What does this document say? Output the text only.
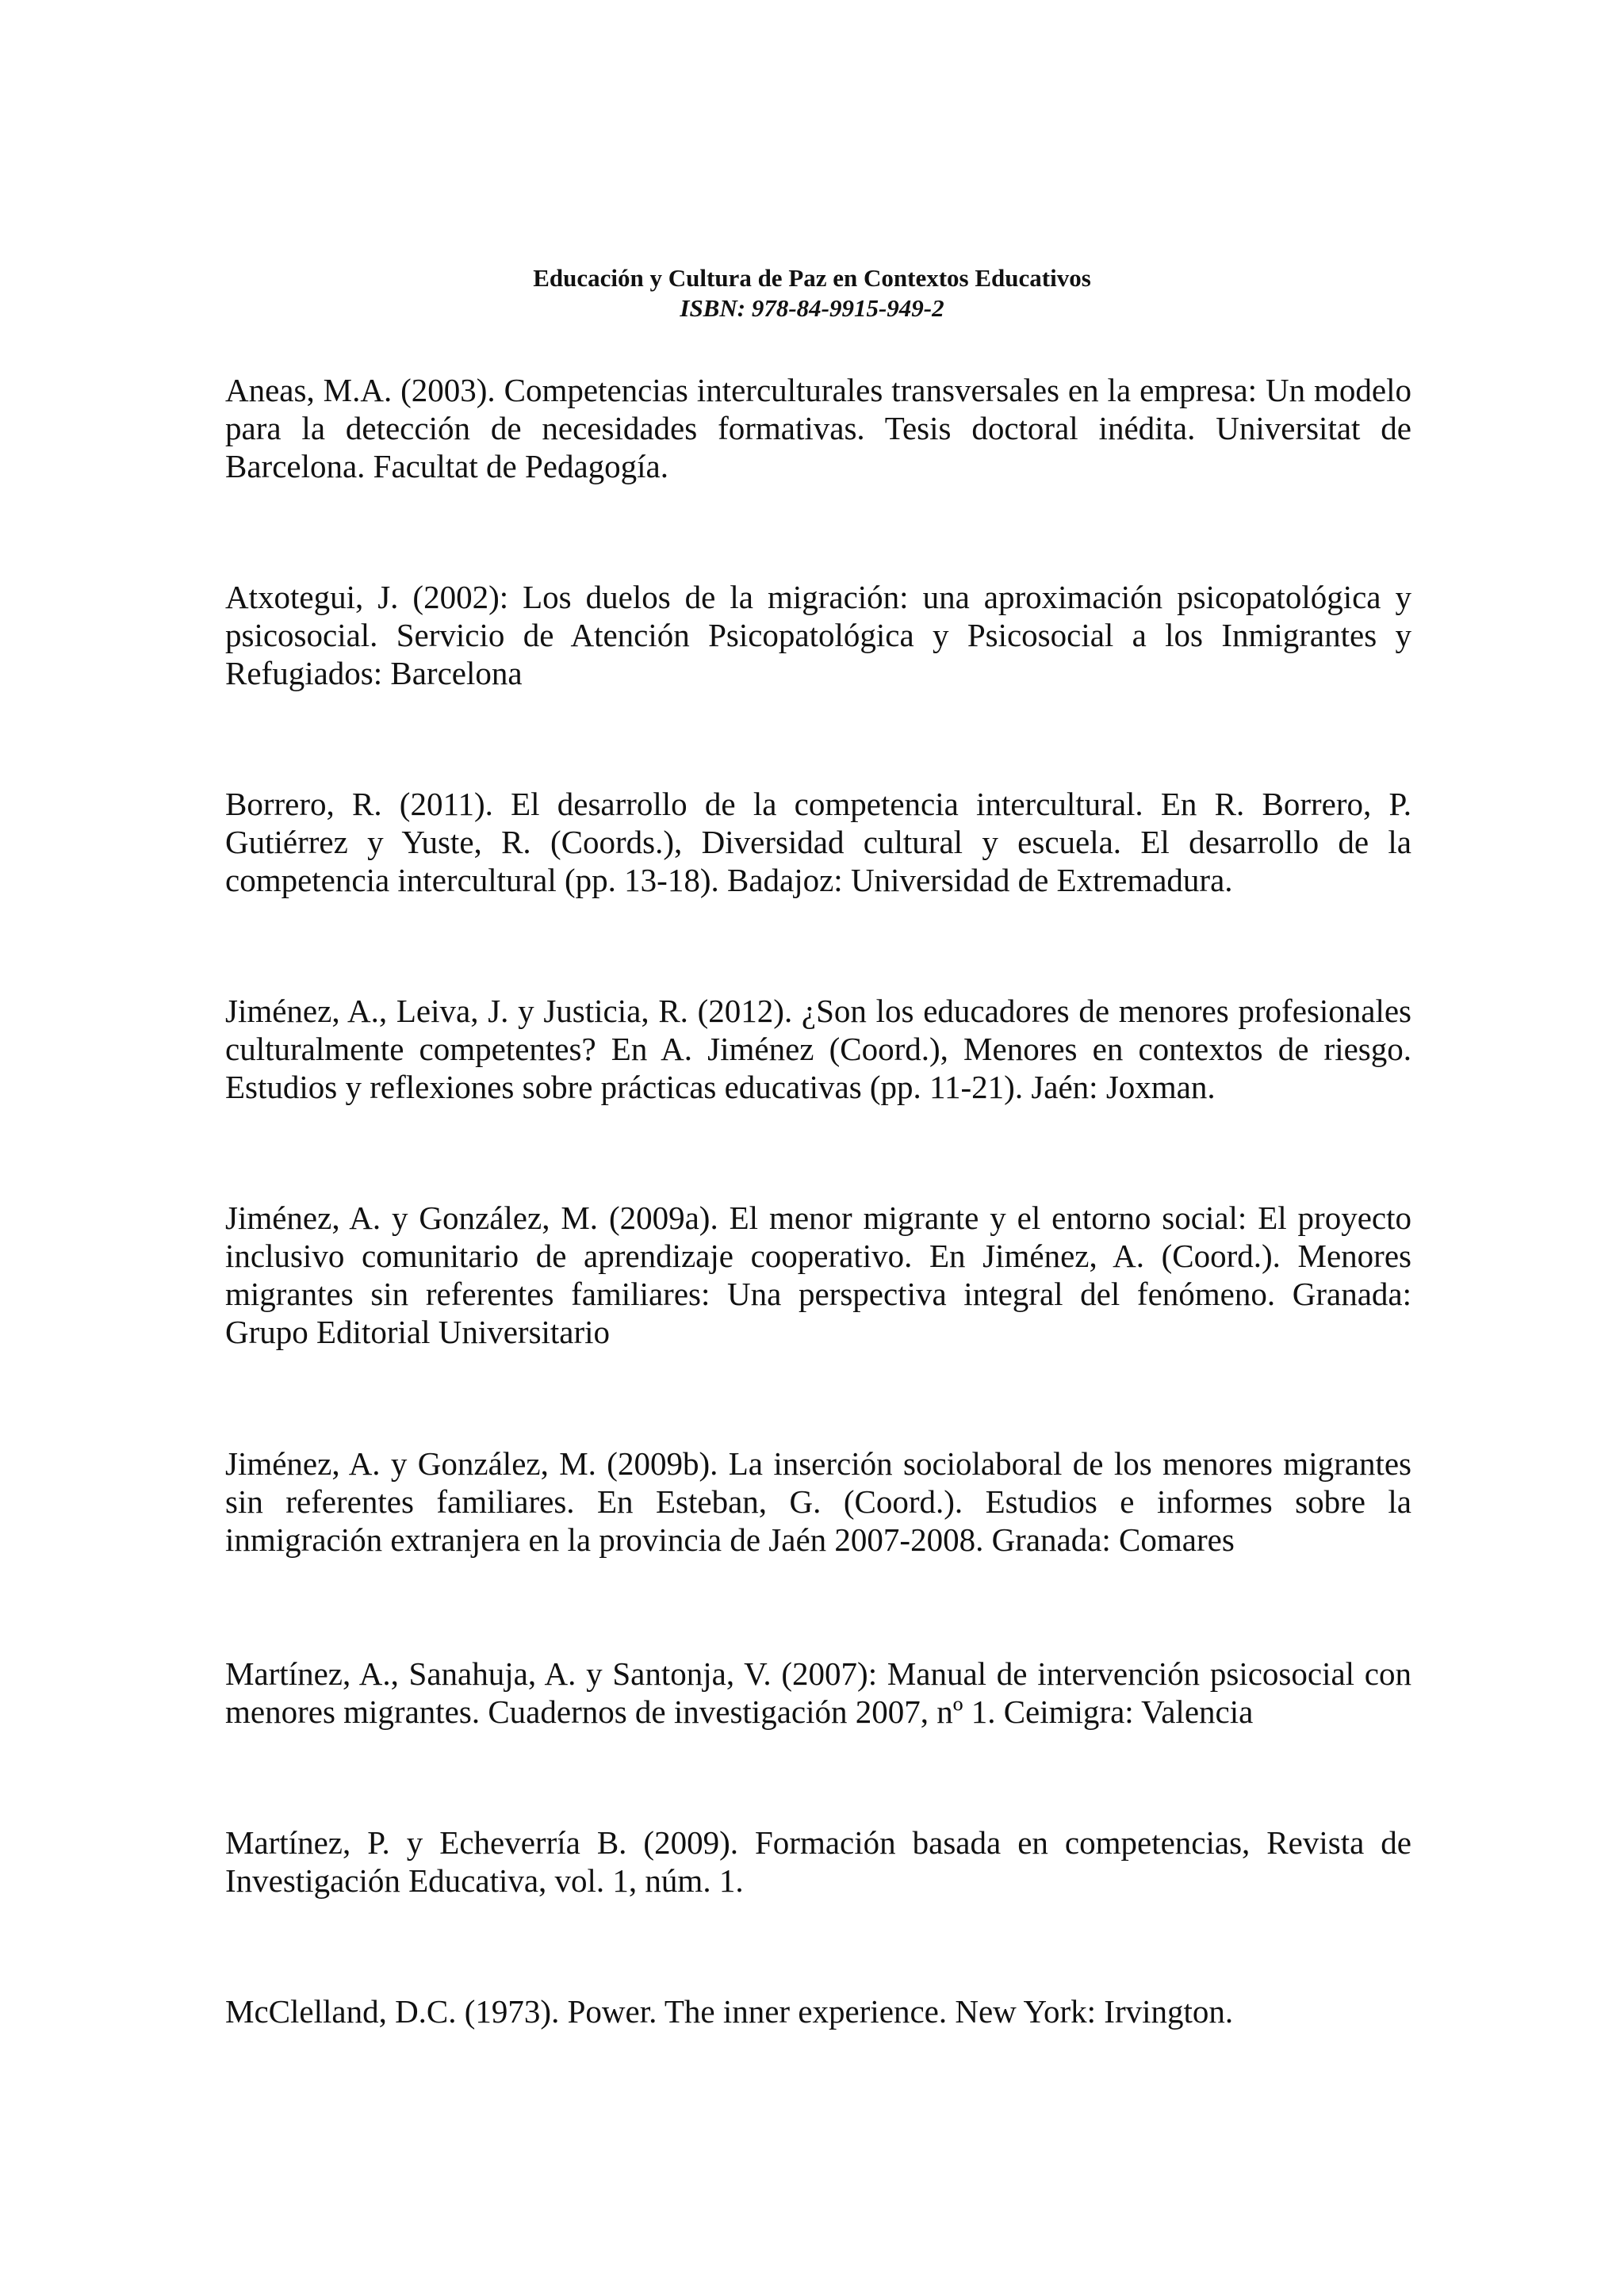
Educación y Cultura de Paz en Contextos Educativos
ISBN: 978-84-9915-949-2

Aneas, M.A. (2003). Competencias interculturales transversales en la empresa: Un modelo para la detección de necesidades formativas. Tesis doctoral inédita. Universitat de Barcelona. Facultat de Pedagogía.

Atxotegui, J. (2002): Los duelos de la migración: una aproximación psicopatológica y psicosocial. Servicio de Atención Psicopatológica y Psicosocial a los Inmigrantes y Refugiados: Barcelona

Borrero, R. (2011). El desarrollo de la competencia intercultural. En R. Borrero, P. Gutiérrez y Yuste, R. (Coords.), Diversidad cultural y escuela. El desarrollo de la competencia intercultural (pp. 13-18). Badajoz: Universidad de Extremadura.

Jiménez, A., Leiva, J. y Justicia, R. (2012). ¿Son los educadores de menores profesionales culturalmente competentes? En A. Jiménez (Coord.), Menores en contextos de riesgo. Estudios y reflexiones sobre prácticas educativas (pp. 11-21). Jaén: Joxman.

Jiménez, A. y González, M. (2009a). El menor migrante y el entorno social: El proyecto inclusivo comunitario de aprendizaje cooperativo. En Jiménez, A. (Coord.). Menores migrantes sin referentes familiares: Una perspectiva integral del fenómeno. Granada: Grupo Editorial Universitario

Jiménez, A. y González, M. (2009b). La inserción sociolaboral de los menores migrantes sin referentes familiares. En Esteban, G. (Coord.). Estudios e informes sobre la inmigración extranjera en la provincia de Jaén 2007-2008. Granada: Comares

Martínez, A., Sanahuja, A. y Santonja, V. (2007): Manual de intervención psicosocial con menores migrantes. Cuadernos de investigación 2007, nº 1. Ceimigra: Valencia

Martínez, P. y Echeverría B. (2009). Formación basada en competencias, Revista de Investigación Educativa, vol. 1, núm. 1.

McClelland, D.C. (1973). Power. The inner experience. New York: Irvington.
